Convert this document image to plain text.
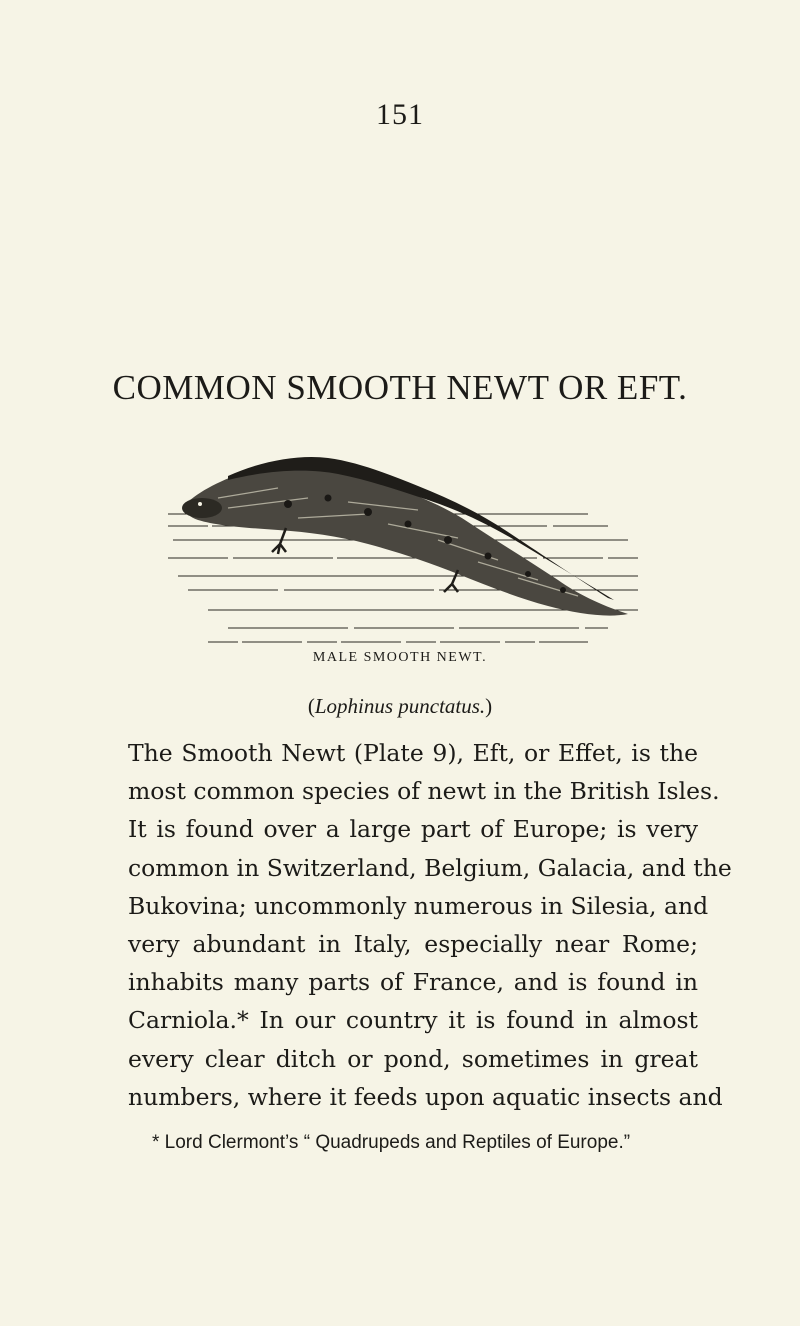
151
COMMON SMOOTH NEWT OR EFT.
MALE SMOOTH NEWT.
(Lophinus punctatus.)
The Smooth Newt (Plate 9), Eft, or Effet, is the
most common species of newt in the British Isles.
It is found over a large part of Europe; is very
common in Switzerland, Belgium, Galacia, and the
Bukovina; uncommonly numerous in Silesia, and
very abundant in Italy, especially near Rome;
inhabits many parts of France, and is found in
Carniola.* In our country it is found in almost
every clear ditch or pond, sometimes in great
numbers, where it feeds upon aquatic insects and
* Lord Clermont’s “ Quadrupeds and Reptiles of Europe.”
